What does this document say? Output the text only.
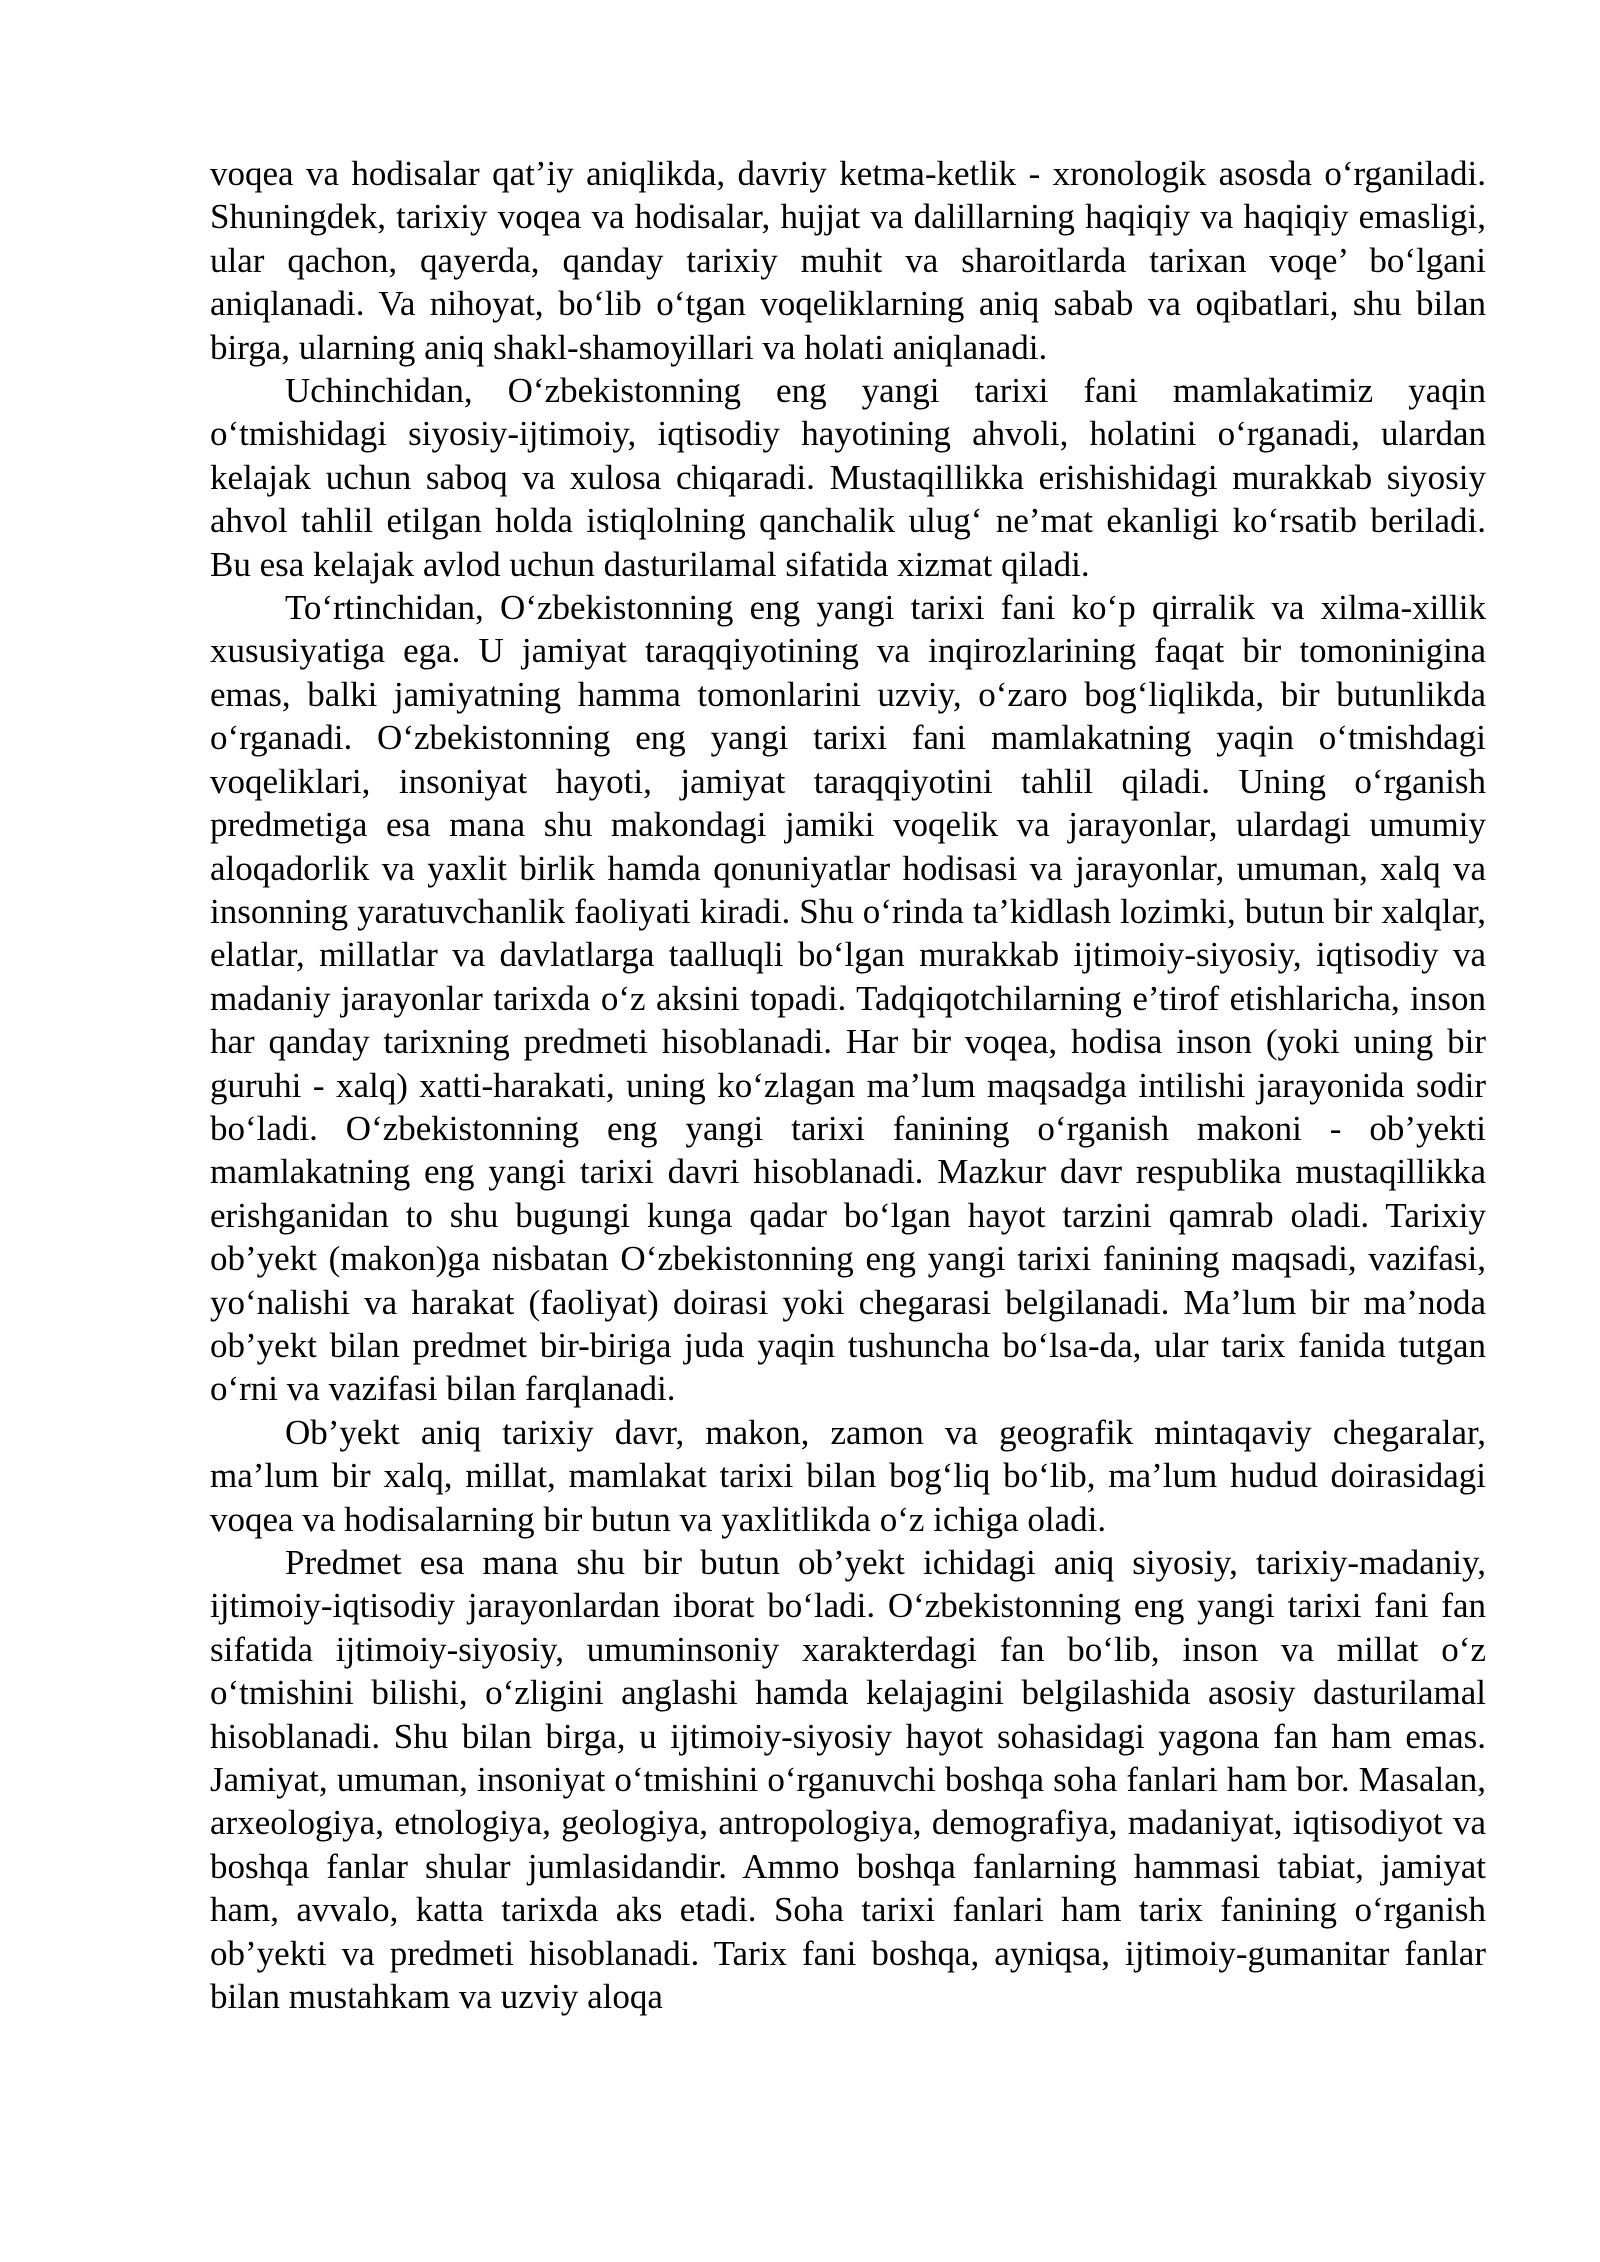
voqea va hodisalar qat’iy aniqlikda, davriy ketma-ketlik - xronologik asosda o‘rganiladi. Shuningdek, tarixiy voqea va hodisalar, hujjat va dalillarning haqiqiy va haqiqiy emasligi, ular qachon, qayerda, qanday tarixiy muhit va sharoitlarda tarixan voqe’ bo‘lgani aniqlanadi. Va nihoyat, bo‘lib o‘tgan voqeliklarning aniq sabab va oqibatlari, shu bilan birga, ularning aniq shakl-shamoyillari va holati aniqlanadi.

Uchinchidan, O‘zbekistonning eng yangi tarixi fani mamlakatimiz yaqin o‘tmishidagi siyosiy-ijtimoiy, iqtisodiy hayotining ahvoli, holatini o‘rganadi, ulardan kelajak uchun saboq va xulosa chiqaradi. Mustaqillikka erishishidagi murakkab siyosiy ahvol tahlil etilgan holda istiqlolning qanchalik ulug‘ ne’mat ekanligi ko‘rsatib beriladi. Bu esa kelajak avlod uchun dasturilamal sifatida xizmat qiladi.

To‘rtinchidan, O‘zbekistonning eng yangi tarixi fani ko‘p qirralik va xilma-xillik xususiyatiga ega. U jamiyat taraqqiyotining va inqirozlarining faqat bir tomoninigina emas, balki jamiyatning hamma tomonlarini uzviy, o‘zaro bog‘liqlikda, bir butunlikda o‘rganadi. O‘zbekistonning eng yangi tarixi fani mamlakatning yaqin o‘tmishdagi voqeliklari, insoniyat hayoti, jamiyat taraqqiyotini tahlil qiladi. Uning o‘rganish predmetiga esa mana shu makondagi jamiki voqelik va jarayonlar, ulardagi umumiy aloqadorlik va yaxlit birlik hamda qonuniyatlar hodisasi va jarayonlar, umuman, xalq va insonning yaratuvchanlik faoliyati kiradi. Shu o‘rinda ta’kidlash lozimki, butun bir xalqlar, elatlar, millatlar va davlatlarga taalluqli bo‘lgan murakkab ijtimoiy-siyosiy, iqtisodiy va madaniy jarayonlar tarixda o‘z aksini topadi. Tadqiqotchilarning e’tirof etishlaricha, inson har qanday tarixning predmeti hisoblanadi. Har bir voqea, hodisa inson (yoki uning bir guruhi - xalq) xatti-harakati, uning ko‘zlagan ma’lum maqsadga intilishi jarayonida sodir bo‘ladi. O‘zbekistonning eng yangi tarixi fanining o‘rganish makoni - ob’yekti mamlakatning eng yangi tarixi davri hisoblanadi. Mazkur davr respublika mustaqillikka erishganidan to shu bugungi kunga qadar bo‘lgan hayot tarzini qamrab oladi. Tarixiy ob’yekt (makon)ga nisbatan O‘zbekistonning eng yangi tarixi fanining maqsadi, vazifasi, yo‘nalishi va harakat (faoliyat) doirasi yoki chegarasi belgilanadi. Ma’lum bir ma’noda ob’yekt bilan predmet bir-biriga juda yaqin tushuncha bo‘lsa-da, ular tarix fanida tutgan o‘rni va vazifasi bilan farqlanadi.

Ob’yekt aniq tarixiy davr, makon, zamon va geografik mintaqaviy chegaralar, ma’lum bir xalq, millat, mamlakat tarixi bilan bog‘liq bo‘lib, ma’lum hudud doirasidagi voqea va hodisalarning bir butun va yaxlitlikda o‘z ichiga oladi.

Predmet esa mana shu bir butun ob’yekt ichidagi aniq siyosiy, tarixiy-madaniy, ijtimoiy-iqtisodiy jarayonlardan iborat bo‘ladi. O‘zbekistonning eng yangi tarixi fani fan sifatida ijtimoiy-siyosiy, umuminsoniy xarakterdagi fan bo‘lib, inson va millat o‘z o‘tmishini bilishi, o‘zligini anglashi hamda kelajagini belgilashida asosiy dasturilamal hisoblanadi. Shu bilan birga, u ijtimoiy-siyosiy hayot sohasidagi yagona fan ham emas. Jamiyat, umuman, insoniyat o‘tmishini o‘rganuvchi boshqa soha fanlari ham bor. Masalan, arxeologiya, etnologiya, geologiya, antropologiya, demografiya, madaniyat, iqtisodiyot va boshqa fanlar shular jumlasidandir. Ammo boshqa fanlarning hammasi tabiat, jamiyat ham, avvalo, katta tarixda aks etadi. Soha tarixi fanlari ham tarix fanining o‘rganish ob’yekti va predmeti hisoblanadi. Tarix fani boshqa, ayniqsa, ijtimoiy-gumanitar fanlar bilan mustahkam va uzviy aloqa
